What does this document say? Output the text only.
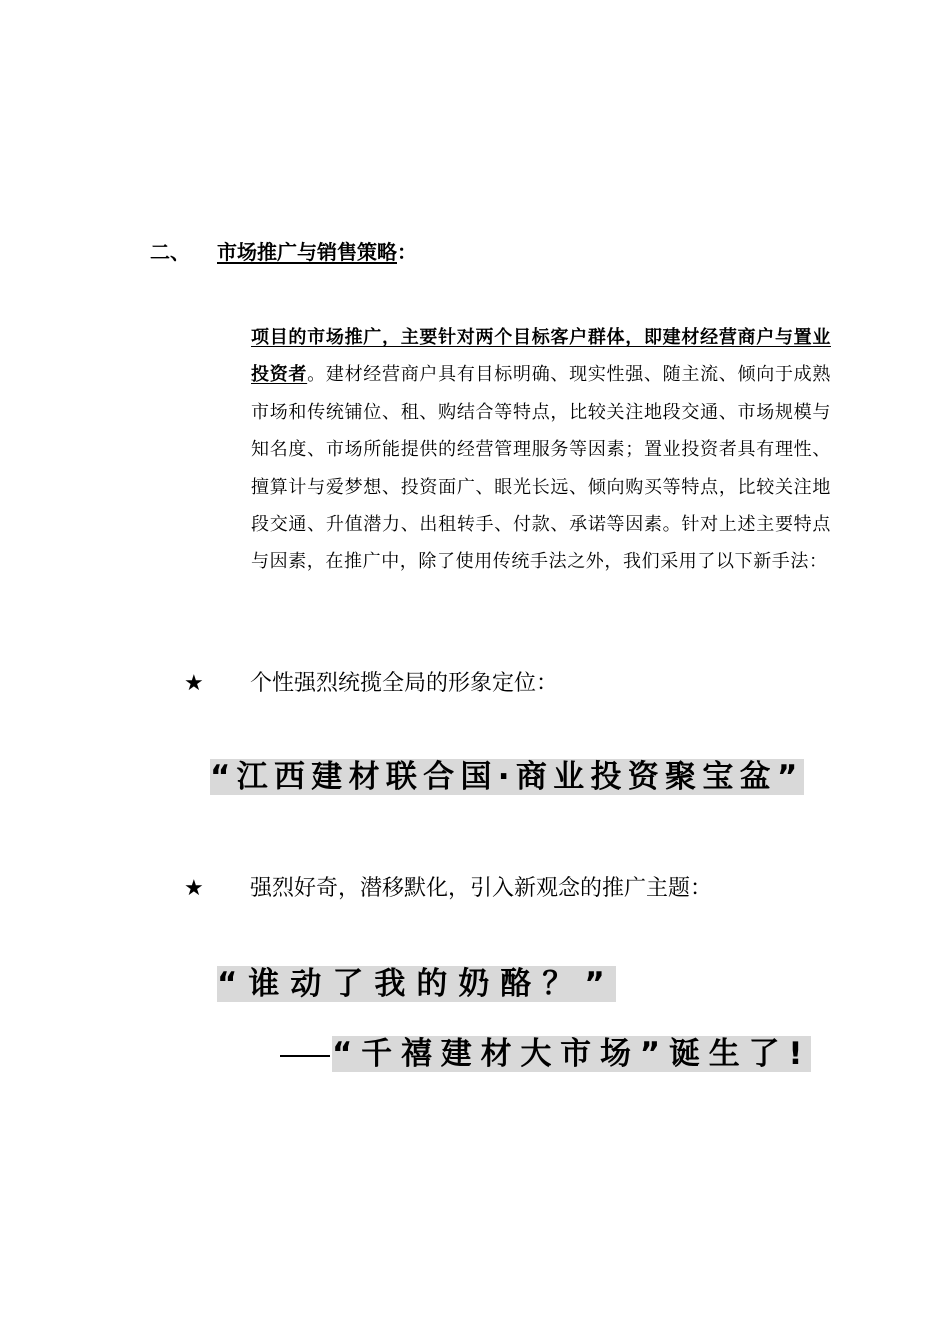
二、 市场推广与销售策略：
项目的市场推广，主要针对两个目标客户群体，即建材经营商户与置业投资者。建材经营商户具有目标明确、现实性强、随主流、倾向于成熟市场和传统铺位、租、购结合等特点，比较关注地段交通、市场规模与知名度、市场所能提供的经营管理服务等因素；置业投资者具有理性、擅算计与爱梦想、投资面广、眼光长远、倾向购买等特点，比较关注地段交通、升值潜力、出租转手、付款、承诺等因素。针对上述主要特点与因素，在推广中，除了使用传统手法之外，我们采用了以下新手法：
★ 个性强烈统揽全局的形象定位：
“江西建材联合国·商业投资聚宝盆”
★ 强烈好奇，潜移默化，引入新观念的推广主题：
“谁动了我的奶酪？”
“千禧建材大市场”诞生了!
